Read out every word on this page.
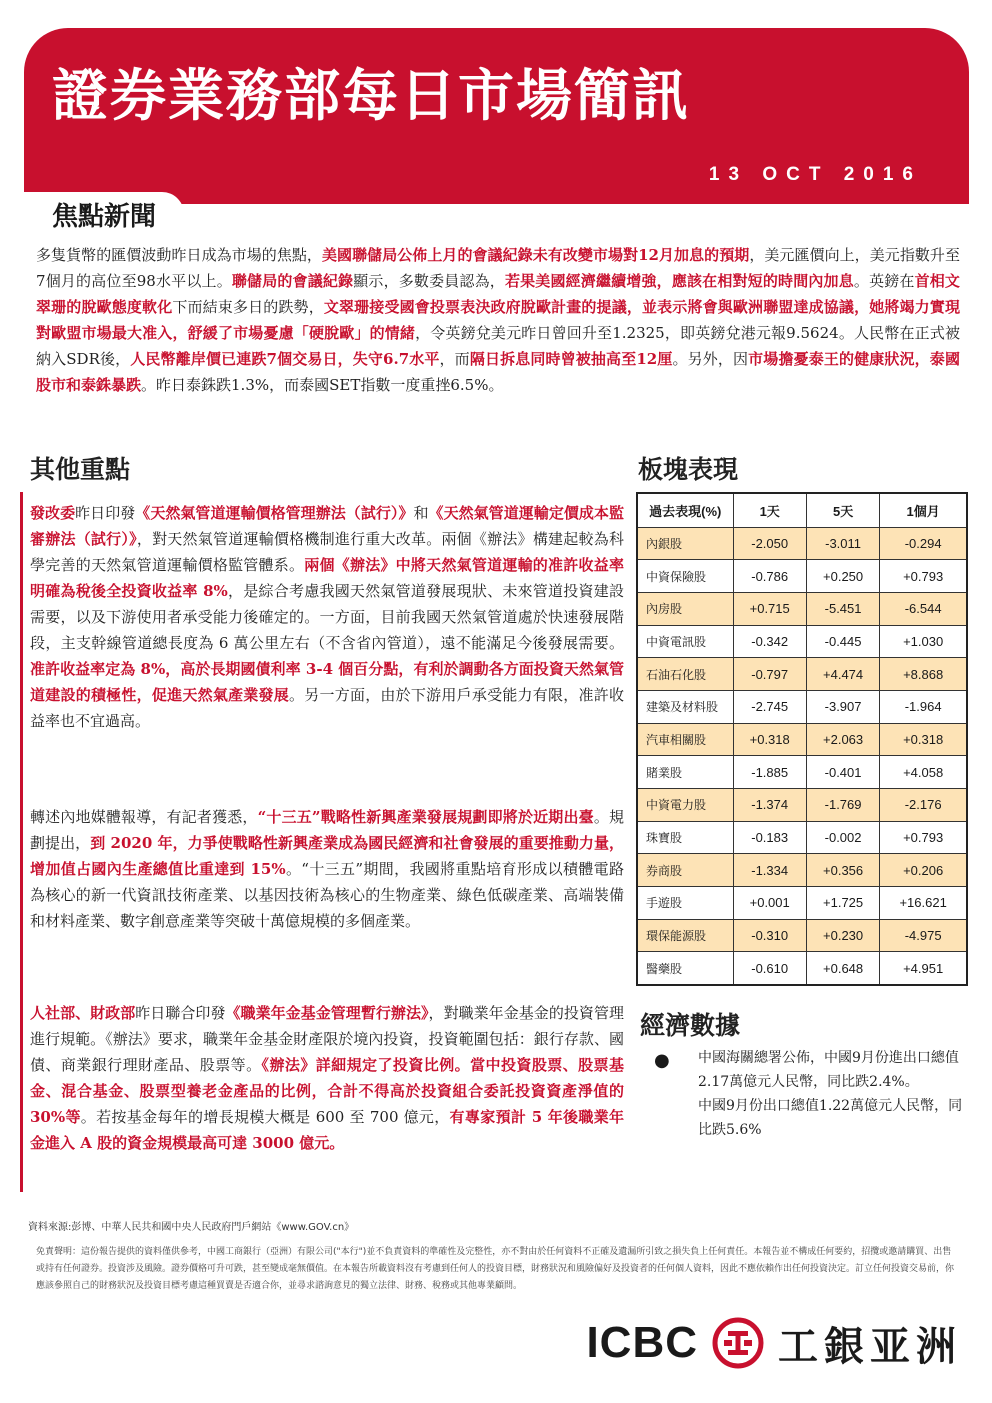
證券業務部每日市場簡訊
13 OCT 2016
焦點新聞
多隻貨幣的匯價波動昨日成為市場的焦點，美國聯儲局公佈上月的會議紀錄未有改變市場對12月加息的預期，美元匯價向上，美元指數升至7個月的高位至98水平以上。聯儲局的會議紀錄顯示，多數委員認為，若果美國經濟繼續增強，應該在相對短的時間內加息。英鎊在首相文翠珊的脫歐態度軟化下而結束多日的跌勢，文翠珊接受國會投票表決政府脫歐計畫的提議，並表示將會與歐洲聯盟達成協議，她將竭力實現對歐盟市場最大准入，舒緩了市場憂慮「硬脫歐」的情緒，令英鎊兌美元昨日曾回升至1.2325，即英鎊兌港元報9.5624。人民幣在正式被納入SDR後，人民幣離岸價已連跌7個交易日，失守6.7水平，而隔日拆息同時曾被抽高至12厘。另外，因市場擔憂泰王的健康狀況，泰國股市和泰銖暴跌。昨日泰銖跌1.3%，而泰國SET指數一度重挫6.5%。
其他重點	板塊表現
發改委昨日印發《天然氣管道運輸價格管理辦法（試行）》和《天然氣管道運輸定價成本監審辦法（試行）》，對天然氣管道運輸價格機制進行重大改革。兩個《辦法》構建起較為科學完善的天然氣管道運輸價格監管體系。兩個《辦法》中將天然氣管道運輸的准許收益率明確為稅後全投資收益率 8%，是綜合考慮我國天然氣管道發展現狀、未來管道投資建設需要，以及下游使用者承受能力後確定的。一方面，目前我國天然氣管道處於快速發展階段，主支幹線管道總長度為 6 萬公里左右（不含省內管道），遠不能滿足今後發展需要。准許收益率定為 8%，高於長期國債利率 3-4 個百分點，有利於調動各方面投資天然氣管道建設的積極性，促進天然氣產業發展。另一方面，由於下游用戶承受能力有限，准許收益率也不宜過高。
轉述內地媒體報導，有記者獲悉，“十三五”戰略性新興產業發展規劃即將於近期出臺。規劃提出，到 2020 年，力爭使戰略性新興產業成為國民經濟和社會發展的重要推動力量，增加值占國內生產總值比重達到 15%。“十三五”期間，我國將重點培育形成以積體電路為核心的新一代資訊技術產業、以基因技術為核心的生物產業、綠色低碳產業、高端裝備和材料產業、數字創意產業等突破十萬億規模的多個產業。
人社部、財政部昨日聯合印發《職業年金基金管理暫行辦法》，對職業年金基金的投資管理進行規範。《辦法》要求，職業年金基金財產限於境內投資，投資範圍包括：銀行存款、國債、商業銀行理財產品、股票等。《辦法》詳細規定了投資比例。當中投資股票、股票基金、混合基金、股票型養老金產品的比例，合計不得高於投資組合委託投資資產淨值的 30%等。若按基金每年的增長規模大概是 600 至 700 億元，有專家預計 5 年後職業年金進入 A 股的資金規模最高可達 3000 億元。
過去表現(%)	1天	5天	1個月
內銀股	-2.050	-3.011	-0.294
中資保險股	-0.786	+0.250	+0.793
內房股	+0.715	-5.451	-6.544
中資電訊股	-0.342	-0.445	+1.030
石油石化股	-0.797	+4.474	+8.868
建築及材料股	-2.745	-3.907	-1.964
汽車相關股	+0.318	+2.063	+0.318
賭業股	-1.885	-0.401	+4.058
中資電力股	-1.374	-1.769	-2.176
珠寶股	-0.183	-0.002	+0.793
券商股	-1.334	+0.356	+0.206
手遊股	+0.001	+1.725	+16.621
環保能源股	-0.310	+0.230	-4.975
醫藥股	-0.610	+0.648	+4.951
經濟數據
● 中國海關總署公佈，中國9月份進出口總值2.17萬億元人民幣，同比跌2.4%。
中國9月份出口總值1.22萬億元人民幣，同比跌5.6%
資料來源:彭博、中華人民共和國中央人民政府門戶網站《www.GOV.cn》
免責聲明：這份報告提供的資料僅供參考，中國工商銀行（亞洲）有限公司("本行")並不負責資料的準確性及完整性，亦不對由於任何資料不正確及遺漏所引致之損失負上任何責任。本報告並不構成任何要約，招攬或邀請購買、出售或持有任何證券。投資涉及風險。證券價格可升可跌，甚至變成毫無價值。在本報告所載資料沒有考慮到任何人的投資目標，財務狀況和風險偏好及投資者的任何個人資料，因此不應依賴作出任何投資決定。訂立任何投資交易前，你應該參照自己的財務狀況及投資目標考慮這種買賣是否適合你，並尋求諮詢意見的獨立法律、財務、稅務或其他專業顧問。
ICBC 工銀亚洲
